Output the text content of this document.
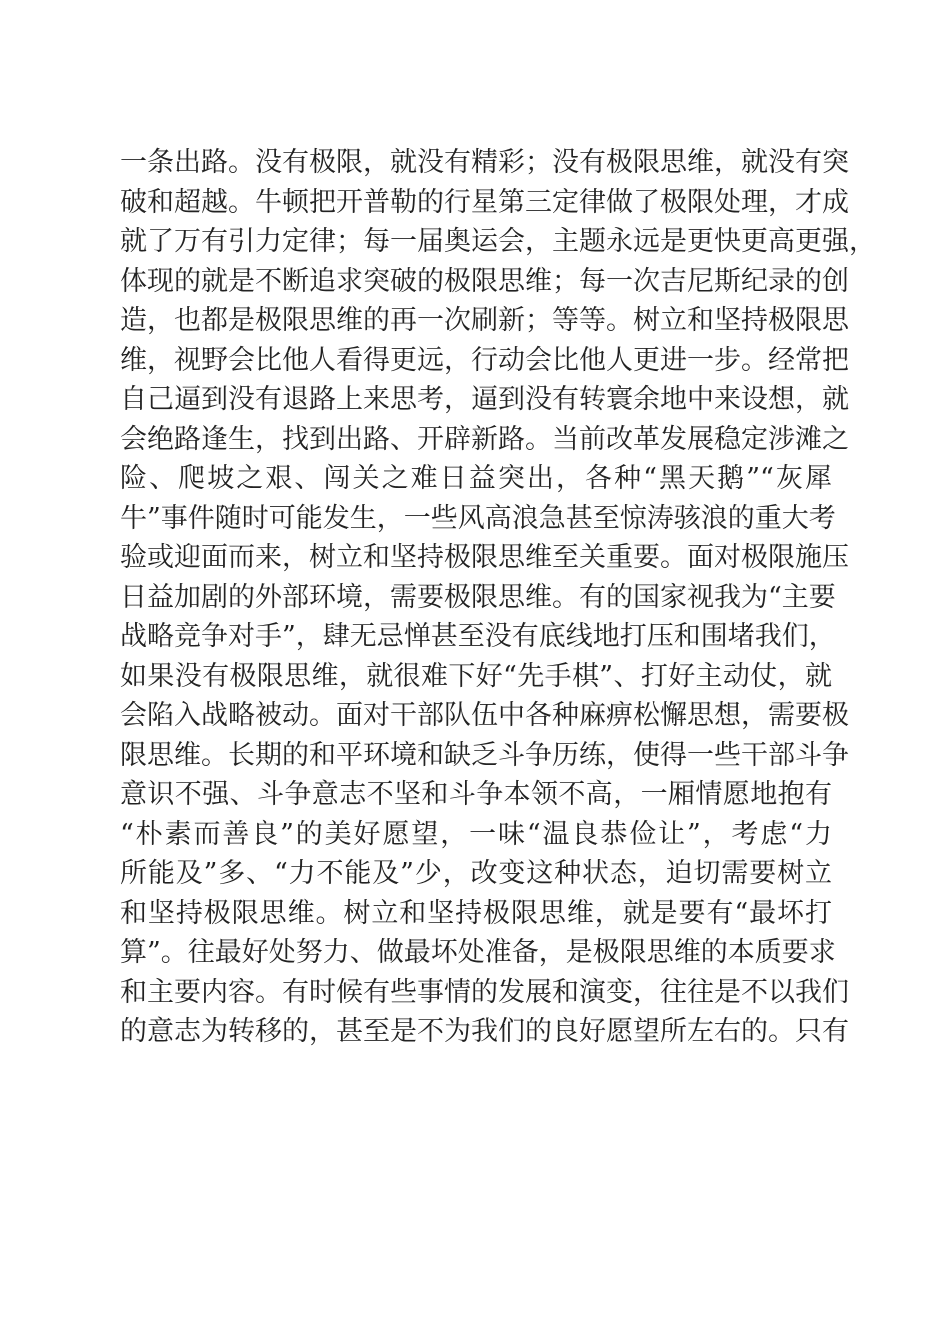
一条出路。没有极限，就没有精彩；没有极限思维，就没有突
破和超越。牛顿把开普勒的行星第三定律做了极限处理，才成
就了万有引力定律；每一届奥运会，主题永远是更快更高更强，
体现的就是不断追求突破的极限思维；每一次吉尼斯纪录的创
造，也都是极限思维的再一次刷新；等等。树立和坚持极限思
维，视野会比他人看得更远，行动会比他人更进一步。经常把
自己逼到没有退路上来思考，逼到没有转寰余地中来设想，就
会绝路逢生，找到出路、开辟新路。当前改革发展稳定涉滩之
险、爬坡之艰、闯关之难日益突出，各种“黑天鹅”“灰犀
牛”事件随时可能发生，一些风高浪急甚至惊涛骇浪的重大考
验或迎面而来，树立和坚持极限思维至关重要。面对极限施压
日益加剧的外部环境，需要极限思维。有的国家视我为“主要
战略竞争对手”，肆无忌惮甚至没有底线地打压和围堵我们，
如果没有极限思维，就很难下好“先手棋”、打好主动仗，就
会陷入战略被动。面对干部队伍中各种麻痹松懈思想，需要极
限思维。长期的和平环境和缺乏斗争历练，使得一些干部斗争
意识不强、斗争意志不坚和斗争本领不高，一厢情愿地抱有
“朴素而善良”的美好愿望，一味“温良恭俭让”，考虑“力
所能及”多、“力不能及”少，改变这种状态，迫切需要树立
和坚持极限思维。树立和坚持极限思维，就是要有“最坏打
算”。往最好处努力、做最坏处准备，是极限思维的本质要求
和主要内容。有时候有些事情的发展和演变，往往是不以我们
的意志为转移的，甚至是不为我们的良好愿望所左右的。只有
